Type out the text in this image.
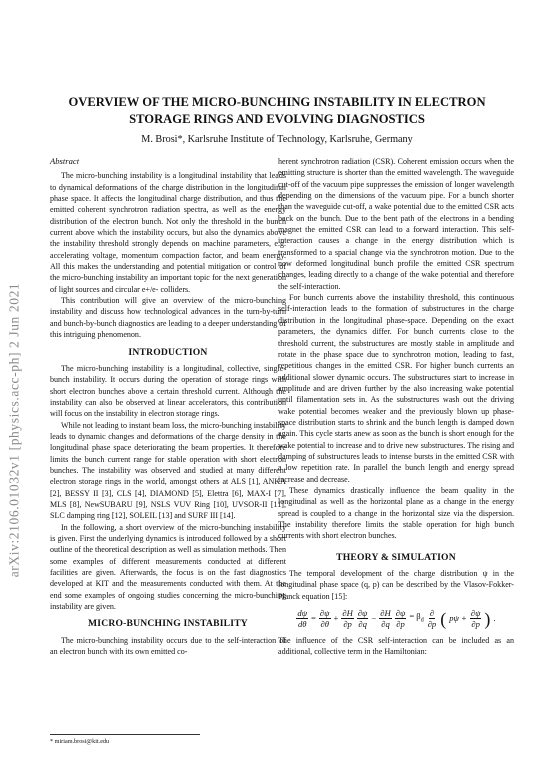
arXiv:2106.01032v1 [physics.acc-ph] 2 Jun 2021
OVERVIEW OF THE MICRO-BUNCHING INSTABILITY IN ELECTRON STORAGE RINGS AND EVOLVING DIAGNOSTICS

M. Brosi*, Karlsruhe Institute of Technology, Karlsruhe, Germany

Abstract

The micro-bunching instability is a longitudinal instability that leads to dynamical deformations of the charge distribution in the longitudinal phase space. It affects the longitudinal charge distribution, and thus the emitted coherent synchrotron radiation spectra, as well as the energy distribution of the electron bunch. Not only the threshold in the bunch current above which the instability occurs, but also the dynamics above the instability threshold strongly depends on machine parameters, e.g. accelerating voltage, momentum compaction factor, and beam energy. All this makes the understanding and potential mitigation or control of the micro-bunching instability an important topic for the next generation of light sources and circular e+/e- colliders.

This contribution will give an overview of the micro-bunching instability and discuss how technological advances in the turn-by-turn and bunch-by-bunch diagnostics are leading to a deeper understanding of this intriguing phenomenon.

INTRODUCTION

The micro-bunching instability is a longitudinal, collective, single-bunch instability. It occurs during the operation of storage rings with short electron bunches above a certain threshold current. Although the instability can also be observed at linear accelerators, this contribution will focus on the instability in electron storage rings.

While not leading to instant beam loss, the micro-bunching instability leads to dynamic changes and deformations of the charge density in the longitudinal phase space deteriorating the beam properties. It therefore limits the bunch current range for stable operation with short electron bunches. The instability was observed and studied at many different electron storage rings in the world, amongst others at ALS [1], ANKA [2], BESSY II [3], CLS [4], DIAMOND [5], Elettra [6], MAX-I [7], MLS [8], NewSUBARU [9], NSLS VUV Ring [10], UVSOR-II [11], SLC damping ring [12], SOLEIL [13] and SURF III [14].

In the following, a short overview of the micro-bunching instability is given. First the underlying dynamics is introduced followed by a short outline of the theoretical description as well as simulation methods. Then some examples of different measurements conducted at different facilities are given. Afterwards, the focus is on the fast diagnostics developed at KIT and the measurements conducted with them. At the end some examples of ongoing studies concerning the micro-bunching instability are given.

MICRO-BUNCHING INSTABILITY

The micro-bunching instability occurs due to the self-interaction of an electron bunch with its own emitted co-

herent synchrotron radiation (CSR). Coherent emission occurs when the emitting structure is shorter than the emitted wavelength. The waveguide cut-off of the vacuum pipe suppresses the emission of longer wavelength depending on the dimensions of the vacuum pipe. For a bunch shorter than the waveguide cut-off, a wake potential due to the emitted CSR acts back on the bunch. Due to the bent path of the electrons in a bending magnet the emitted CSR can lead to a forward interaction. This self-interaction causes a change in the energy distribution which is transformed to a spacial change via the synchrotron motion. Due to the now deformed longitudinal bunch profile the emitted CSR spectrum changes, leading directly to a change of the wake potential and therefore the self-interaction.

For bunch currents above the instability threshold, this continuous self-interaction leads to the formation of substructures in the charge distribution in the longitudinal phase-space. Depending on the exact parameters, the dynamics differ. For bunch currents close to the threshold current, the substructures are mostly stable in amplitude and rotate in the phase space due to synchrotron motion, leading to fast, repetitious changes in the emitted CSR. For higher bunch currents an additional slower dynamic occurs. The substructures start to increase in amplitude and are driven further by the also increasing wake potential until filamentation sets in. As the substructures wash out the driving wake potential becomes weaker and the previously blown up phase-space distribution starts to shrink and the bunch length is damped down again. This cycle starts anew as soon as the bunch is short enough for the wake potential to increase and to drive new substructures. The rising and damping of substructures leads to intense bursts in the emitted CSR with a low repetition rate. In parallel the bunch length and energy spread increase and decrease.

These dynamics drastically influence the beam quality in the longitudinal as well as the horizontal plane as a change in the energy spread is coupled to a change in the horizontal size via the dispersion. The instability therefore limits the stable operation for high bunch currents with short electron bunches.

THEORY & SIMULATION

The temporal development of the charge distribution ψ in the longitudinal phase space (q, p) can be described by the Vlasov-Fokker-Planck equation [15]:

$\frac{d\psi}{d\theta} = \frac{\partial\psi}{\partial\theta} + \frac{\partial H}{\partial p} \frac{\partial\psi}{\partial q} - \frac{\partial H}{\partial q} \frac{\partial\psi}{\partial p} = \beta_d \frac{\partial}{\partial p}$ ( $p\psi + \frac{\partial\psi}{\partial p}$ ) .

The influence of the CSR self-interaction can be included as an additional, collective term in the Hamiltonian:

* miriam.brosi@kit.edu
